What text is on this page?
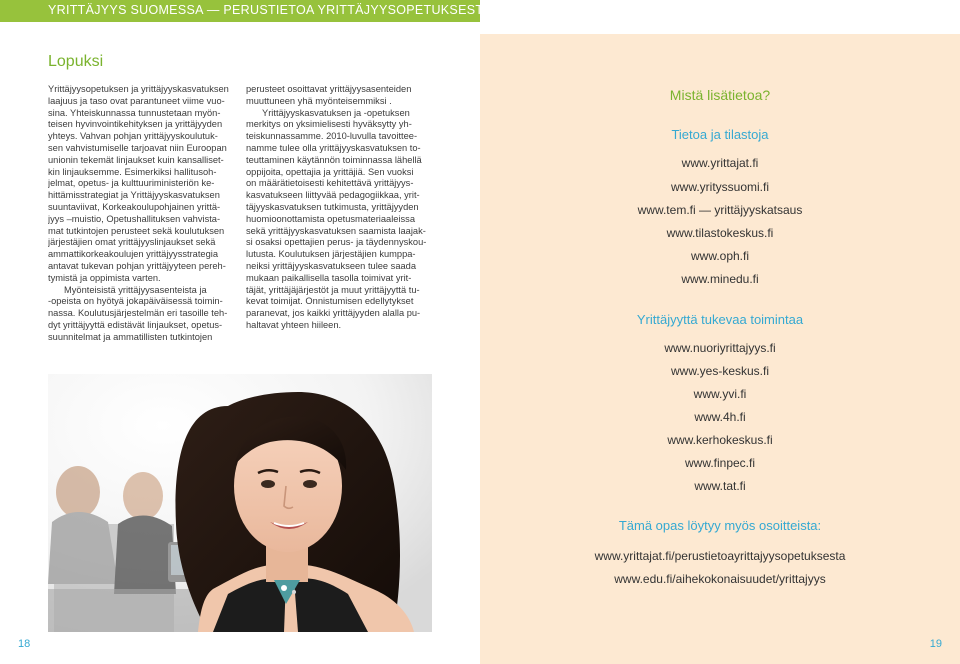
YRITTÄJYYS SUOMESSA — PERUSTIETOA YRITTÄJYYSOPETUKSESTA
Lopuksi

Yrittäjyysopetuksen ja yrittäjyyskasvatuksen

laajuus ja taso ovat parantuneet viime vuo-

sina. Yhteiskunnassa tunnustetaan myön-

teisen hyvinvointikehityksen ja yrittäjyyden

yhteys. Vahvan pohjan yrittäjyyskoulutuk-

sen vahvistumiselle tarjoavat niin Euroopan

unionin tekemät linjaukset kuin kansalliset-

kin linjauksemme. Esimerkiksi hallitusoh-

jelmat, opetus- ja kulttuuriministeriön ke-

hittämisstrategiat ja Yrittäjyyskasvatuksen

suuntaviivat, Korkeakoulupohjainen yrittä-

jyys –muistio, Opetushallituksen vahvista-

mat tutkintojen perusteet sekä koulutuksen

järjestäjien omat yrittäjyyslinjaukset sekä

ammattikorkeakoulujen yrittäjyysstrategia

antavat tukevan pohjan yrittäjyyteen pereh-

tymistä ja oppimista varten.

Myönteisistä yrittäjyysasenteista ja

-opeista on hyötyä jokapäiväisessä toimin-

nassa. Koulutusjärjestelmän eri tasoille teh-

dyt yrittäjyyttä edistävät linjaukset, opetus-

suunnitelmat ja ammatillisten tutkintojen

perusteet osoittavat yrittäjyysasenteiden

muuttuneen yhä myönteisemmiksi .

Yrittäjyyskasvatuksen ja -opetuksen

merkitys on yksimielisesti hyväksytty yh-

teiskunnassamme. 2010-luvulla tavoittee-

namme tulee olla yrittäjyyskasvatuksen to-

teuttaminen käytännön toiminnassa lähellä

oppijoita, opettajia ja yrittäjiä. Sen vuoksi

on määrätietoisesti kehitettävä yrittäjyys-

kasvatukseen liittyvää pedagogiikkaa, yrit-

täjyyskasvatuksen tutkimusta, yrittäjyyden

huomioonottamista opetusmateriaaleissa

sekä yrittäjyyskasvatuksen saamista laajak-

si osaksi opettajien perus- ja täydennyskou-

lutusta. Koulutuksen järjestäjien kumppa-

neiksi yrittäjyyskasvatukseen tulee saada

mukaan paikallisella tasolla toimivat yrit-

täjät, yrittäjäjärjestöt ja muut yrittäjyyttä tu-

kevat toimijat. Onnistumisen edellytykset

paranevat, jos kaikki yrittäjyyden alalla pu-

haltavat yhteen hiileen.

Mistä lisätietoa?
Tietoa ja tilastoja
www.yrittajat.fi
www.yrityssuomi.fi
www.tem.fi — yrittäjyyskatsaus
www.tilastokeskus.fi
www.oph.fi
www.minedu.fi
Yrittäjyyttä tukevaa toimintaa
www.nuoriyrittajyys.fi
www.yes-keskus.fi
www.yvi.fi
www.4h.fi
www.kerhokeskus.fi
www.finpec.fi
www.tat.fi
Tämä opas löytyy myös osoitteista:
www.yrittajat.fi/perustietoayrittajyysopetuksesta
www.edu.fi/aihekokonaisuudet/yrittajyys
18	19
